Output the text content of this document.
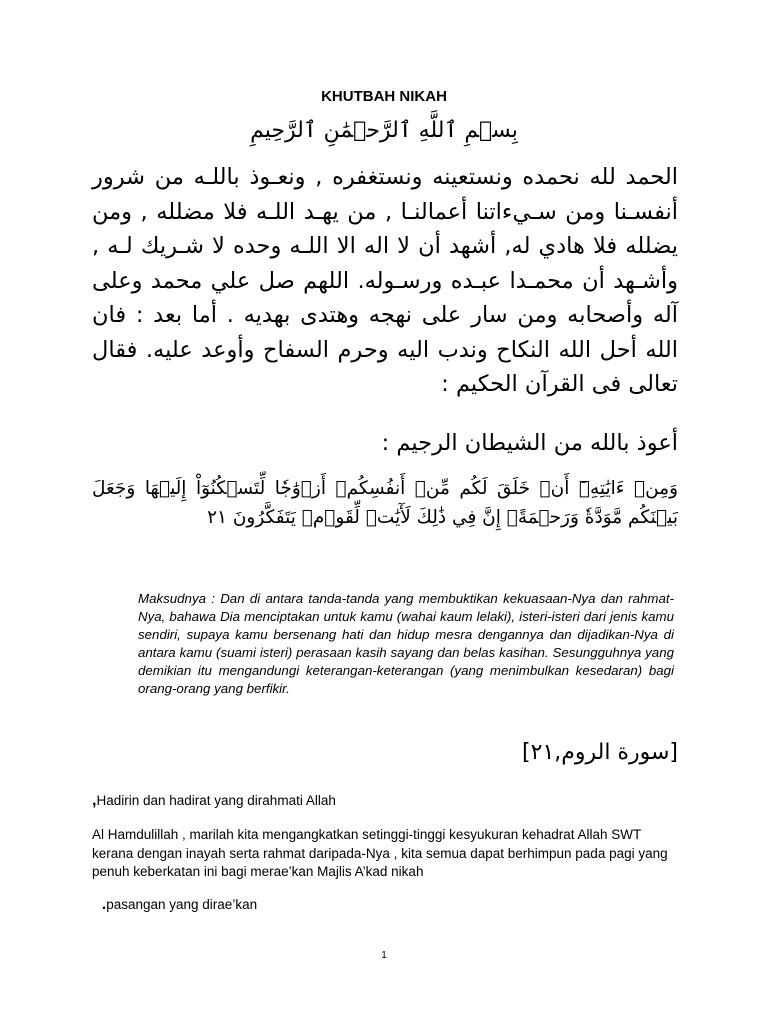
KHUTBAH NIKAH
بِسۡمِ ٱللَّهِ ٱلرَّحۡمَٰنِ ٱلرَّحِيمِ
الحمد لله نحمده ونستعينه ونستغفره , ونعـوذ باللـه من شرور أنفسـنا ومن سـيءاتنا أعمالنـا , من يهـد اللـه فلا مضلله , ومن يضلله فلا هادي له, أشهد أن لا اله الا اللـه وحده لا شـريك لـه , وأشـهد أن محمـدا عبـده ورسـوله. اللهم صل علي محمد وعلى آله وأصحابه ومن سار على نهجه وهتدى بهديه . أما بعد : فان الله أحل الله النكاح وندب اليه وحرم السفاح وأوعد عليه. فقال تعالى فى القرآن الحكيم :
أعوذ بالله من الشيطان الرجيم :
وَمِنۡ ءَايَٰتِهِۦٓ أَنۡ خَلَقَ لَكُم مِّنۡ أَنفُسِكُمۡ أَزۡوَٰجٗا لِّتَسۡكُنُوٓاْ إِلَيۡهَا وَجَعَلَ بَيۡنَكُم مَّوَدَّةٗ وَرَحۡمَةًۚ إِنَّ فِي ذَٰلِكَ لَأٓيَٰتٖ لِّقَوۡمٖ يَتَفَكَّرُونَ ٢١
Maksudnya : Dan di antara tanda-tanda yang membuktikan kekuasaan-Nya dan rahmat-Nya, bahawa Dia menciptakan untuk kamu (wahai kaum lelaki), isteri-isteri dari jenis kamu sendiri, supaya kamu bersenang hati dan hidup mesra dengannya dan dijadikan-Nya di antara kamu (suami isteri) perasaan kasih sayang dan belas kasihan. Sesungguhnya yang demikian itu mengandungi keterangan-keterangan (yang menimbulkan kesedaran) bagi orang-orang yang berfikir.
[سورة الروم,٢١]
,Hadirin dan hadirat yang dirahmati Allah
Al Hamdulillah , marilah kita mengangkatkan setinggi-tinggi kesyukuran kehadrat Allah SWT kerana dengan inayah serta rahmat daripada-Nya , kita semua dapat berhimpun pada pagi yang penuh keberkatan ini bagi merae’kan Majlis A’kad nikah
.pasangan yang dirae’kan
1
